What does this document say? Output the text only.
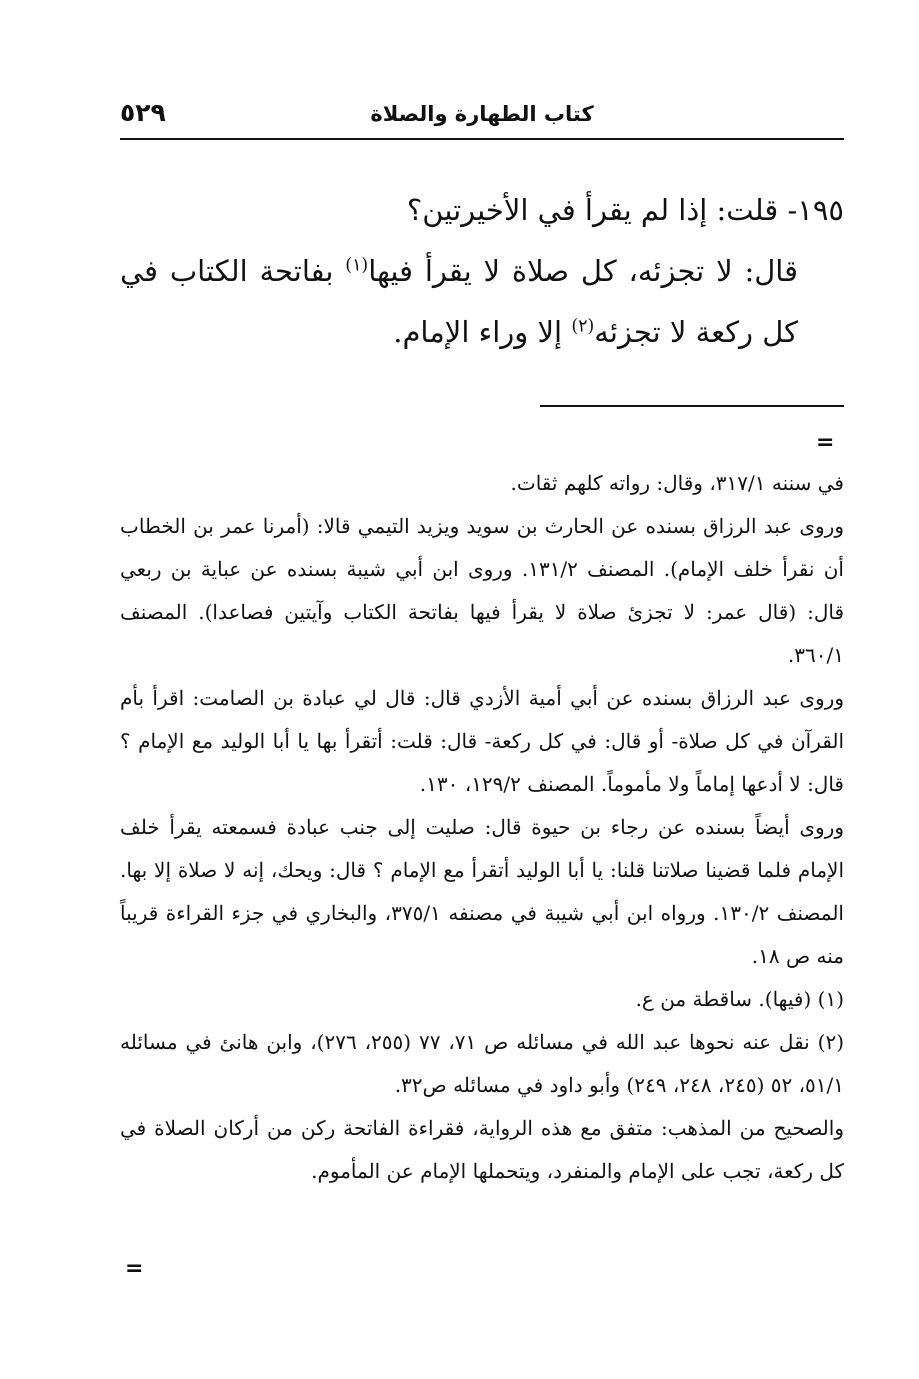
كتاب الطهارة والصلاة
٥٢٩

١٩٥- قلت: إذا لم يقرأ في الأخيرتين؟

قال: لا تجزئه، كل صلاة لا يقرأ فيها$^{(١)}$ بفاتحة الكتاب في كل ركعة لا تجزئه$^{(٢)}$ إلا وراء الإمام.

=

في سننه ٣١٧/١، وقال: رواته كلهم ثقات.

وروى عبد الرزاق بسنده عن الحارث بن سويد ويزيد التيمي قالا: (أمرنا عمر بن الخطاب أن نقرأ خلف الإمام). المصنف ١٣١/٢. وروى ابن أبي شيبة بسنده عن عباية بن ربعي قال: (قال عمر: لا تجزئ صلاة لا يقرأ فيها بفاتحة الكتاب وآيتين فصاعدا). المصنف ٣٦٠/١.

وروى عبد الرزاق بسنده عن أبي أمية الأزدي قال: قال لي عبادة بن الصامت: اقرأ بأم القرآن في كل صلاة- أو قال: في كل ركعة- قال: قلت: أتقرأ بها يا أبا الوليد مع الإمام ؟ قال: لا أدعها إماماً ولا مأموماً. المصنف ١٢٩/٢، ١٣٠.

وروى أيضاً بسنده عن رجاء بن حيوة قال: صليت إلى جنب عبادة فسمعته يقرأ خلف الإمام فلما قضينا صلاتنا قلنا: يا أبا الوليد أتقرأ مع الإمام ؟ قال: ويحك، إنه لا صلاة إلا بها. المصنف ١٣٠/٢. ورواه ابن أبي شيبة في مصنفه ٣٧٥/١، والبخاري في جزء القراءة قريباً منه ص ١٨.

(١) (فيها). ساقطة من ع.

(٢) نقل عنه نحوها عبد الله في مسائله ص ٧١، ٧٧ (٢٥٥، ٢٧٦)، وابن هانئ في مسائله ٥١/١، ٥٢ (٢٤٥، ٢٤٨، ٢٤٩) وأبو داود في مسائله ص٣٢.

والصحيح من المذهب: متفق مع هذه الرواية، فقراءة الفاتحة ركن من أركان الصلاة في كل ركعة، تجب على الإمام والمنفرد، ويتحملها الإمام عن المأموم.

=
